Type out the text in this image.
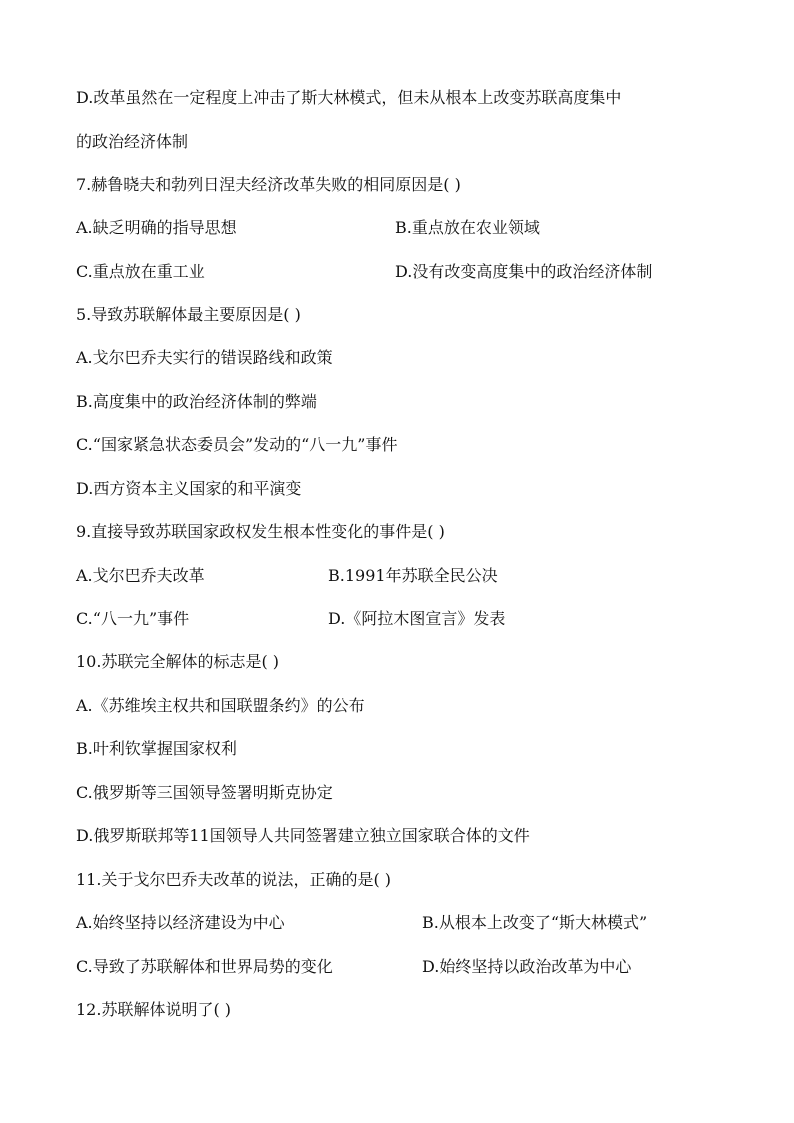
D.改革虽然在一定程度上冲击了斯大林模式，但未从根本上改变苏联高度集中
的政治经济体制
7.赫鲁晓夫和勃列日涅夫经济改革失败的相同原因是( )
A.缺乏明确的指导思想	B.重点放在农业领域
C.重点放在重工业	D.没有改变高度集中的政治经济体制
5.导致苏联解体最主要原因是( )
A.戈尔巴乔夫实行的错误路线和政策
B.高度集中的政治经济体制的弊端
C.“国家紧急状态委员会”发动的“八一九”事件
D.西方资本主义国家的和平演变
9.直接导致苏联国家政权发生根本性变化的事件是( )
A.戈尔巴乔夫改革	B.1991年苏联全民公决
C.“八一九”事件	D.《阿拉木图宣言》发表
10.苏联完全解体的标志是( )
A.《苏维埃主权共和国联盟条约》的公布
B.叶利钦掌握国家权利
C.俄罗斯等三国领导签署明斯克协定
D.俄罗斯联邦等11国领导人共同签署建立独立国家联合体的文件
11.关于戈尔巴乔夫改革的说法，正确的是( )
A.始终坚持以经济建设为中心	B.从根本上改变了“斯大林模式”
C.导致了苏联解体和世界局势的变化	D.始终坚持以政治改革为中心
12.苏联解体说明了( )
